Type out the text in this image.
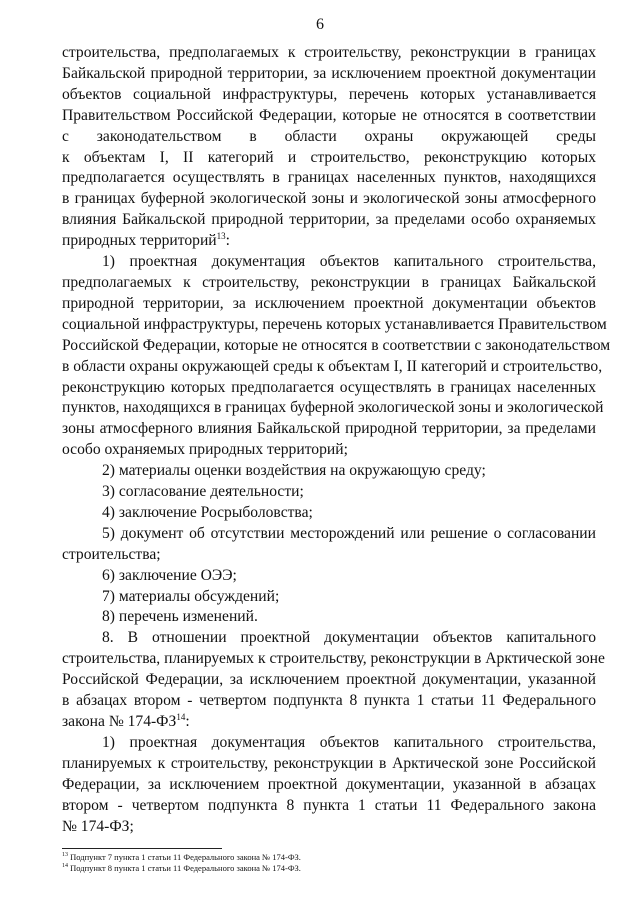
6
строительства, предполагаемых к строительству, реконструкции в границах
Байкальской природной территории, за исключением проектной документации
объектов социальной инфраструктуры, перечень которых устанавливается
Правительством Российской Федерации, которые не относятся в соответствии
с законодательством в области охраны окружающей среды
к объектам I, II категорий и строительство, реконструкцию которых
предполагается осуществлять в границах населенных пунктов, находящихся
в границах буферной экологической зоны и экологической зоны атмосферного
влияния Байкальской природной территории, за пределами особо охраняемых
природных территорий$^{13}$:
1) проектная документация объектов капитального строительства,
предполагаемых к строительству, реконструкции в границах Байкальской
природной территории, за исключением проектной документации объектов
социальной инфраструктуры, перечень которых устанавливается Правительством
Российской Федерации, которые не относятся в соответствии с законодательством
в области охраны окружающей среды к объектам I, II категорий и строительство,
реконструкцию которых предполагается осуществлять в границах населенных
пунктов, находящихся в границах буферной экологической зоны и экологической
зоны атмосферного влияния Байкальской природной территории, за пределами
особо охраняемых природных территорий;
2) материалы оценки воздействия на окружающую среду;
3) согласование деятельности;
4) заключение Росрыболовства;
5) документ об отсутствии месторождений или решение о согласовании
строительства;
6) заключение ОЭЭ;
7) материалы обсуждений;
8) перечень изменений.
8. В отношении проектной документации объектов капитального
строительства, планируемых к строительству, реконструкции в Арктической зоне
Российской Федерации, за исключением проектной документации, указанной
в абзацах втором - четвертом подпункта 8 пункта 1 статьи 11 Федерального
закона № 174-ФЗ$^{14}$:
1) проектная документация объектов капитального строительства,
планируемых к строительству, реконструкции в Арктической зоне Российской
Федерации, за исключением проектной документации, указанной в абзацах
втором - четвертом подпункта 8 пункта 1 статьи 11 Федерального закона
№ 174-ФЗ;
$^{13}$ Подпункт 7 пункта 1 статьи 11 Федерального закона № 174-ФЗ.
$^{14}$ Подпункт 8 пункта 1 статьи 11 Федерального закона № 174-ФЗ.
